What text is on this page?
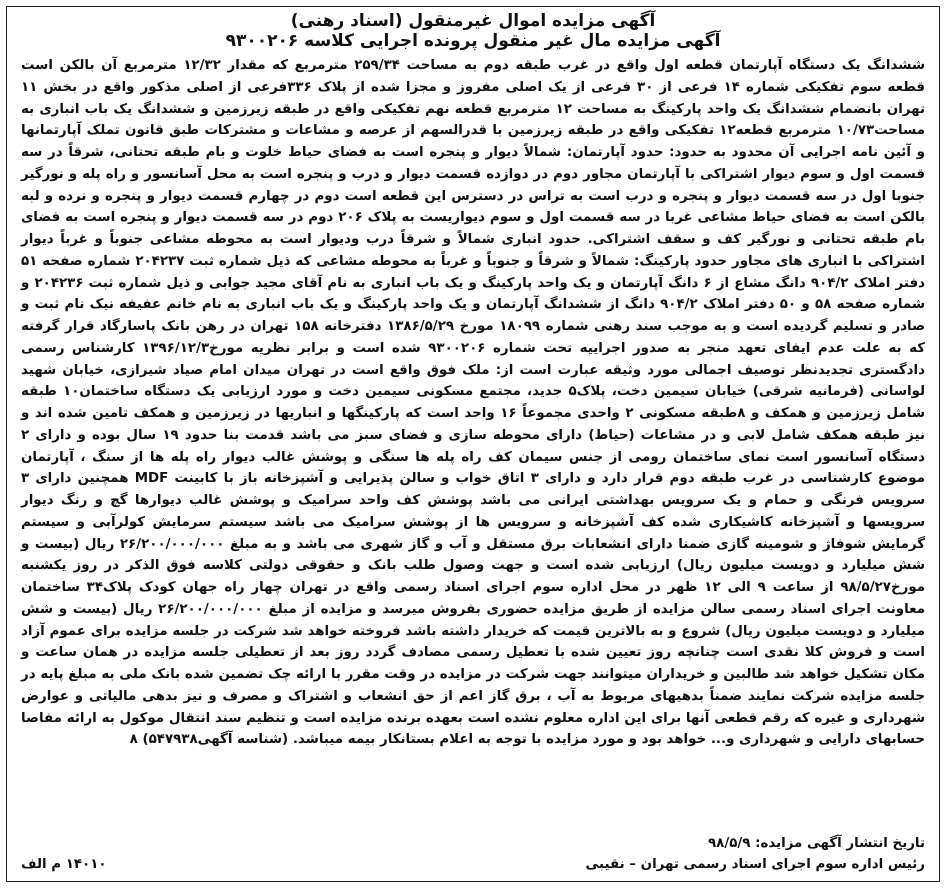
آگهی مزایده اموال غیرمنقول (اسناد رهنی)

آگهی مزایده مال غیر منقول پرونده اجرایی کلاسه ۹۳۰۰۲۰۶

ششدانگ یک دستگاه آپارتمان قطعه اول واقع در غرب طبقه دوم به مساحت ۲۵۹/۳۴ مترمربع که مقدار ۱۲/۳۲ مترمربع آن بالکن است قطعه سوم تفکیکی شماره ۱۴ فرعی از ۳۰ فرعی از یک اصلی مفروز و مجزا شده از پلاک ۳۳۶فرعی از اصلی مذکور واقع در بخش ۱۱ تهران بانضمام ششدانگ یک واحد پارکینگ به مساحت ۱۲ مترمربع قطعه نهم تفکیکی واقع در طبقه زیرزمین و ششدانگ یک باب انباری به مساحت۱۰/۷۳ مترمربع قطعه۱۲ تفکیکی واقع در طبقه زیرزمین با قدرالسهم از عرصه و مشاعات و مشترکات طبق قانون تملک آپارتمانها و آئین نامه اجرایی آن محدود به حدود: حدود آپارتمان: شمالاً دیوار و پنجره است به فضای حیاط خلوت و بام طبقه تحتانی، شرقاً در سه قسمت اول و سوم دیوار اشتراکی با آپارتمان مجاور دوم در دوازده قسمت دیوار و درب و پنجره است به محل آسانسور و راه پله و نورگیر جنوبا اول در سه قسمت دیوار و پنجره و درب است به تراس در دسترس این قطعه است دوم در چهارم قسمت دیوار و پنجره و نرده و لبه بالکن است به فضای حیاط مشاعی غربا در سه قسمت اول و سوم دیواریست به پلاک ۲۰۶ دوم در سه قسمت دیوار و پنجره است به فضای بام طبقه تحتانی و نورگیر کف و سقف اشتراکی. حدود انباری شمالاً و شرقاً درب ودیوار است به محوطه مشاعی جنوباً و غرباً دیوار اشتراکی با انباری های مجاور حدود پارکینگ: شمالاً و شرقاً و جنوباً و غرباً به محوطه مشاعی که ذیل شماره ثبت ۲۰۴۲۳۷ شماره صفحه ۵۱ دفتر املاک ۹۰۴/۲ دانگ مشاع از ۶ دانگ آپارتمان و یک واحد پارکینگ و یک باب انباری به نام آقای مجید جوابی و ذیل شماره ثبت ۲۰۴۲۳۶ و شماره صفحه ۵۸ و ۵۰ دفتر املاک ۹۰۴/۲ دانگ از ششدانگ آپارتمان و یک واحد پارکینگ و یک باب انباری به نام خانم عفیفه نیک نام ثبت و صادر و تسلیم گردیده است و به موجب سند رهنی شماره ۱۸۰۹۹ مورخ ۱۳۸۶/۵/۲۹ دفترخانه ۱۵۸ تهران در رهن بانک پاسارگاد قرار گرفته که به علت عدم ایفای تعهد منجر به صدور اجراییه تحت شماره ۹۳۰۰۲۰۶ شده است و برابر نظریه مورخ۱۳۹۶/۱۲/۳ کارشناس رسمی دادگستری تجدیدنظر توصیف اجمالی مورد وثیقه عبارت است از: ملک فوق واقع است در تهران میدان امام صیاد شیرازی، خیابان شهید لواسانی (فرمانیه شرقی) خیابان سیمین دخت، پلاک۵ جدید، مجتمع مسکونی سیمین دخت و مورد ارزیابی یک دستگاه ساختمان۱۰ طبقه شامل زیرزمین و همکف و ۸طبقه مسکونی ۲ واحدی مجموعاً ۱۶ واحد است که پارکینگها و انباریها در زیرزمین و همکف تامین شده اند و نیز طبقه همکف شامل لابی و در مشاعات (حیاط) دارای محوطه سازی و فضای سبز می باشد قدمت بنا حدود ۱۹ سال بوده و دارای ۲ دستگاه آسانسور است نمای ساختمان رومی از جنس سیمان کف راه پله ها سنگی و پوشش غالب دیوار راه پله ها از سنگ ، آپارتمان موضوع کارشناسی در غرب طبقه دوم قرار دارد و دارای ۳ اتاق خواب و سالن پذیرایی و آشپزخانه باز با کابینت MDF همچنین دارای ۳ سرویس فرنگی و حمام و یک سرویس بهداشتی ایرانی می باشد پوشش کف واحد سرامیک و پوشش غالب دیوارها گچ و رنگ دیوار سرویسها و آشپزخانه کاشیکاری شده کف آشپزخانه و سرویس ها از پوشش سرامیک می باشد سیستم سرمایش کولرآبی و سیستم گرمایش شوفاژ و شومینه گازی ضمنا دارای انشعابات برق مستقل و آب و گاز شهری می باشد و به مبلغ ۲۶/۲۰۰/۰۰۰/۰۰۰ ریال (بیست و شش میلیارد و دویست میلیون ریال) ارزیابی شده است و جهت وصول طلب بانک و حقوقی دولتی کلاسه فوق الذکر در روز یکشنبه مورخ۹۸/۵/۲۷ از ساعت ۹ الی ۱۲ ظهر در محل اداره سوم اجرای اسناد رسمی واقع در تهران چهار راه جهان کودک پلاک۳۴ ساختمان معاونت اجرای اسناد رسمی سالن مزایده از طریق مزایده حضوری بفروش میرسد و مزایده از مبلغ ۲۶/۲۰۰/۰۰۰/۰۰۰ ریال (بیست و شش میلیارد و دویست میلیون ریال) شروع و به بالاترین قیمت که خریدار داشته باشد فروخته خواهد شد شرکت در جلسه مزایده برای عموم آزاد است و فروش کلا نقدی است چنانچه روز تعیین شده با تعطیل رسمی مصادف گردد روز بعد از تعطیلی جلسه مزایده در همان ساعت و مکان تشکیل خواهد شد طالبین و خریداران میتوانند جهت شرکت در مزایده در وقت مقرر با ارائه چک تضمین شده بانک ملی به مبلغ پایه در جلسه مزایده شرکت نمایند ضمناً بدهیهای مربوط به آب ، برق گاز اعم از حق انشعاب و اشتراک و مصرف و نیز بدهی مالیاتی و عوارض شهرداری و غیره که رقم قطعی آنها برای این اداره معلوم نشده است بعهده برنده مزایده است و تنظیم سند انتقال موکول به ارائه مفاصا حسابهای دارایی و شهرداری و... خواهد بود و مورد مزایده با توجه به اعلام بستانکار بیمه میباشد. (شناسه آگهی۵۴۷۹۳۸) ۸

تاریخ انتشار آگهی مزایده: ۹۸/۵/۹
رئیس اداره سوم اجرای اسناد رسمی تهران – نقیبی
۱۴۰۱۰ م الف
